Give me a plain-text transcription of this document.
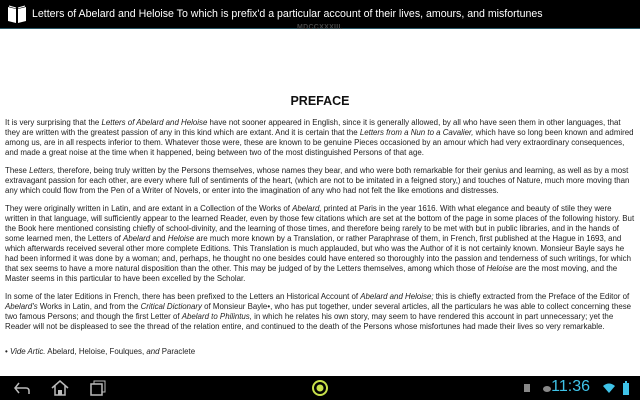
Letters of Abelard and Heloise To which is prefix'd a particular account of their lives, amours, and misfortunes
MDCCXXXIII.
PREFACE

It is very surprising that the Letters of Abelard and Heloise have not sooner appeared in English, since it is generally allowed, by all who have seen them in other languages, that they are written with the greatest passion of any in this kind which are extant. And it is certain that the Letters from a Nun to a Cavalier, which have so long been known and admired among us, are in all respects inferior to them. Whatever those were, these are known to be genuine Pieces occasioned by an amour which had very extraordinary consequences, and made a great noise at the time when it happened, being between two of the most distinguished Persons of that age.

These Letters, therefore, being truly written by the Persons themselves, whose names they bear, and who were both remarkable for their genius and learning, as well as by a most extravagant passion for each other, are every where full of sentiments of the heart, (which are not to be imitated in a feigned story,) and touches of Nature, much more moving than any which could flow from the Pen of a Writer of Novels, or enter into the imagination of any who had not felt the like emotions and distresses.

They were originally written in Latin, and are extant in a Collection of the Works of Abelard, printed at Paris in the year 1616. With what elegance and beauty of stile they were written in that language, will sufficiently appear to the learned Reader, even by those few citations which are set at the bottom of the page in some places of the following history. But the Book here mentioned consisting chiefly of school-divinity, and the learning of those times, and therefore being rarely to be met with but in public libraries, and in the hands of some learned men, the Letters of Abelard and Heloise are much more known by a Translation, or rather Paraphrase of them, in French, first published at the Hague in 1693, and which afterwards received several other more complete Editions. This Translation is much applauded, but who was the Author of it is not certainly known. Monsieur Bayle says he had been informed it was done by a woman; and, perhaps, he thought no one besides could have entered so thoroughly into the passion and tenderness of such writings, for which that sex seems to have a more natural disposition than the other. This may be judged of by the Letters themselves, among which those of Heloise are the most moving, and the Master seems in this particular to have been excelled by the Scholar.

In some of the later Editions in French, there has been prefixed to the Letters an Historical Account of Abelard and Heloise; this is chiefly extracted from the Preface of the Editor of Abelard's Works in Latin, and from the Critical Dictionary of Monsieur Bayle•, who has put together, under several articles, all the particulars he was able to collect concerning these two famous Persons; and though the first Letter of Abelard to Philintus, in which he relates his own story, may seem to have rendered this account in part unnecessary; yet the Reader will not be displeased to see the thread of the relation entire, and continued to the death of the Persons whose misfortunes had made their lives so very remarkable.

• Vide Artic. Abelard, Heloise, Foulques, and Paraclete
11:36
